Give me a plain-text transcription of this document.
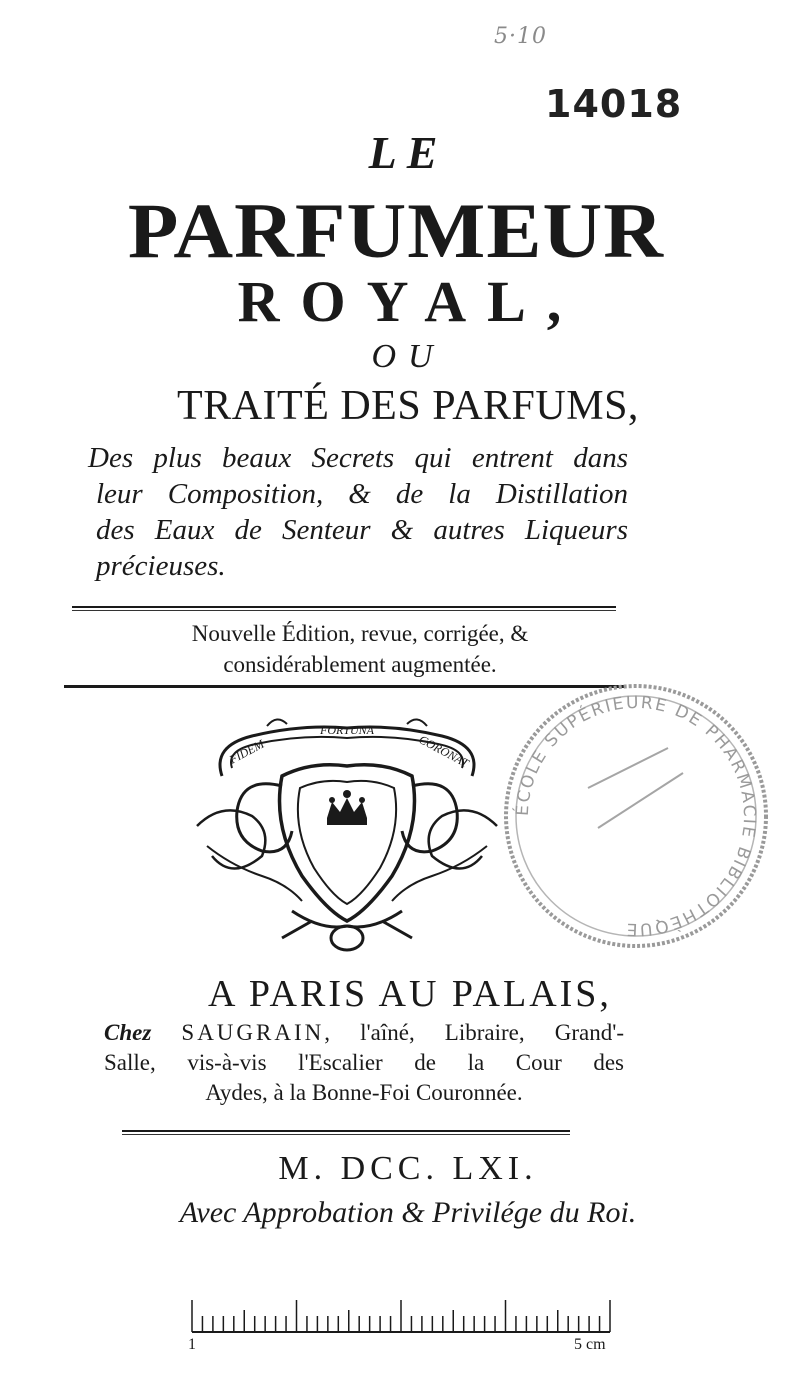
5·10
14018
LE
PARFUMEUR
ROYAL,
OU
TRAITÉ DES PARFUMS,
Des plus beaux Secrets qui entrent dans
leur Composition, & de la Distillation
des Eaux de Senteur & autres Liqueurs
précieuses.
Nouvelle Édition, revue, corrigée, &
considérablement augmentée.
FIDEM
FORTUNA
CORONAT
ÉCOLE SUPÉRIEURE DE PHARMACIE BIBLIOTHÈQUE
A PARIS AU PALAIS,
Chez SAUGRAIN, l'aîné, Libraire, Grand'-
Salle, vis-à-vis l'Escalier de la Cour des
Aydes, à la Bonne-Foi Couronnée.
M. DCC. LXI.
Avec Approbation & Privilége du Roi.
1	5 cm
